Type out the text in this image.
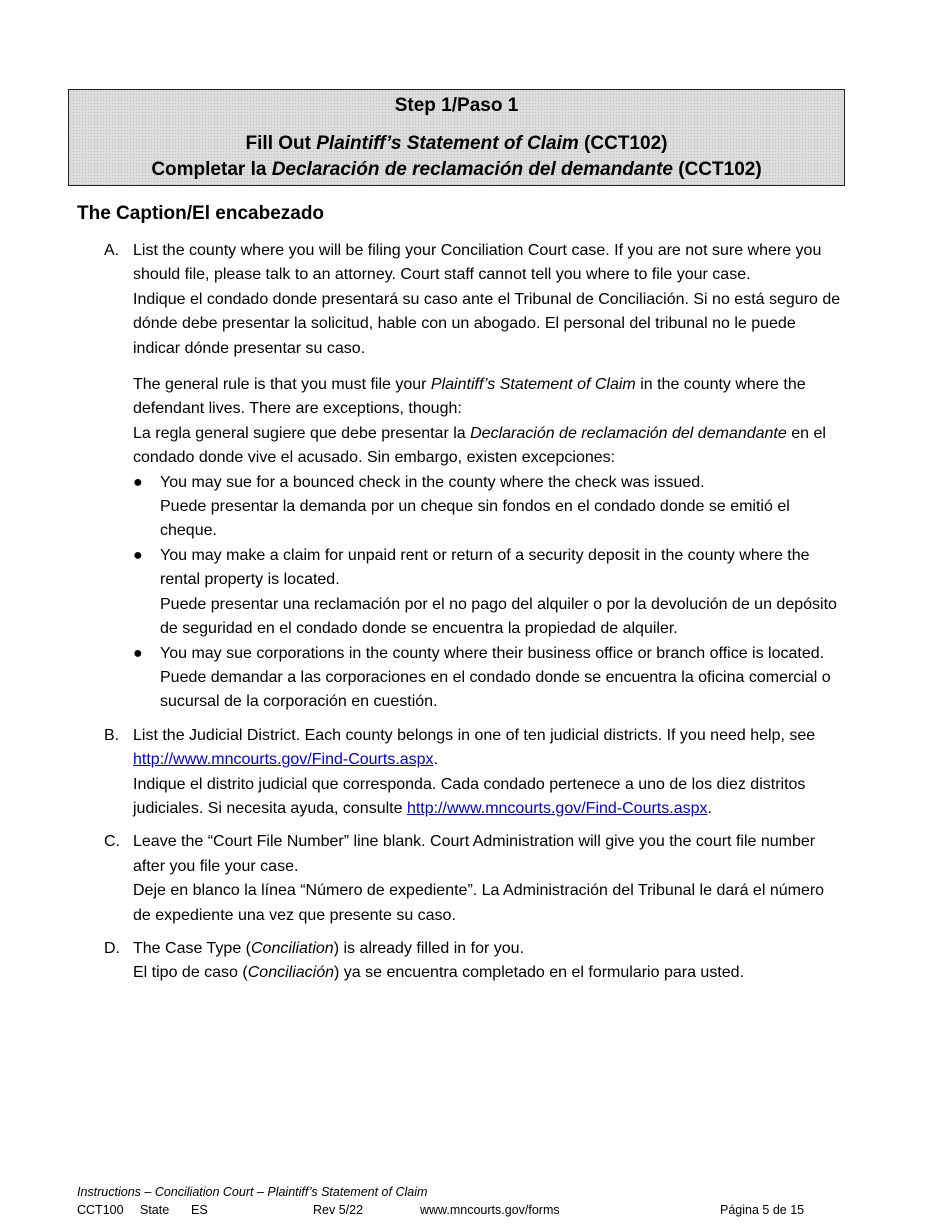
Step 1/Paso 1
Fill Out Plaintiff’s Statement of Claim (CCT102)
Completar la Declaración de reclamación del demandante (CCT102)
The Caption/El encabezado
A. List the county where you will be filing your Conciliation Court case. If you are not sure where you should file, please talk to an attorney. Court staff cannot tell you where to file your case.

Indique el condado donde presentará su caso ante el Tribunal de Conciliación. Si no está seguro de dónde debe presentar la solicitud, hable con un abogado. El personal del tribunal no le puede indicar dónde presentar su caso.

The general rule is that you must file your Plaintiff’s Statement of Claim in the county where the defendant lives. There are exceptions, though:

La regla general sugiere que debe presentar la Declaración de reclamación del demandante en el condado donde vive el acusado. Sin embargo, existen excepciones:

● You may sue for a bounced check in the county where the check was issued.
Puede presentar la demanda por un cheque sin fondos en el condado donde se emitió el cheque.
● You may make a claim for unpaid rent or return of a security deposit in the county where the rental property is located.
Puede presentar una reclamación por el no pago del alquiler o por la devolución de un depósito de seguridad en el condado donde se encuentra la propiedad de alquiler.
● You may sue corporations in the county where their business office or branch office is located.
Puede demandar a las corporaciones en el condado donde se encuentra la oficina comercial o sucursal de la corporación en cuestión.
B. List the Judicial District. Each county belongs in one of ten judicial districts. If you need help, see http://www.mncourts.gov/Find-Courts.aspx.

Indique el distrito judicial que corresponda. Cada condado pertenece a uno de los diez distritos judiciales. Si necesita ayuda, consulte http://www.mncourts.gov/Find-Courts.aspx.

C. Leave the “Court File Number” line blank. Court Administration will give you the court file number after you file your case.

Deje en blanco la línea “Número de expediente”. La Administración del Tribunal le dará el número de expediente una vez que presente su caso.

D. The Case Type (Conciliation) is already filled in for you.

El tipo de caso (Conciliación) ya se encuentra completado en el formulario para usted.

Instructions – Conciliation Court – Plaintiff’s Statement of Claim
CCT100 State ES	Rev 5/22	www.mncourts.gov/forms	Página 5 de 15
